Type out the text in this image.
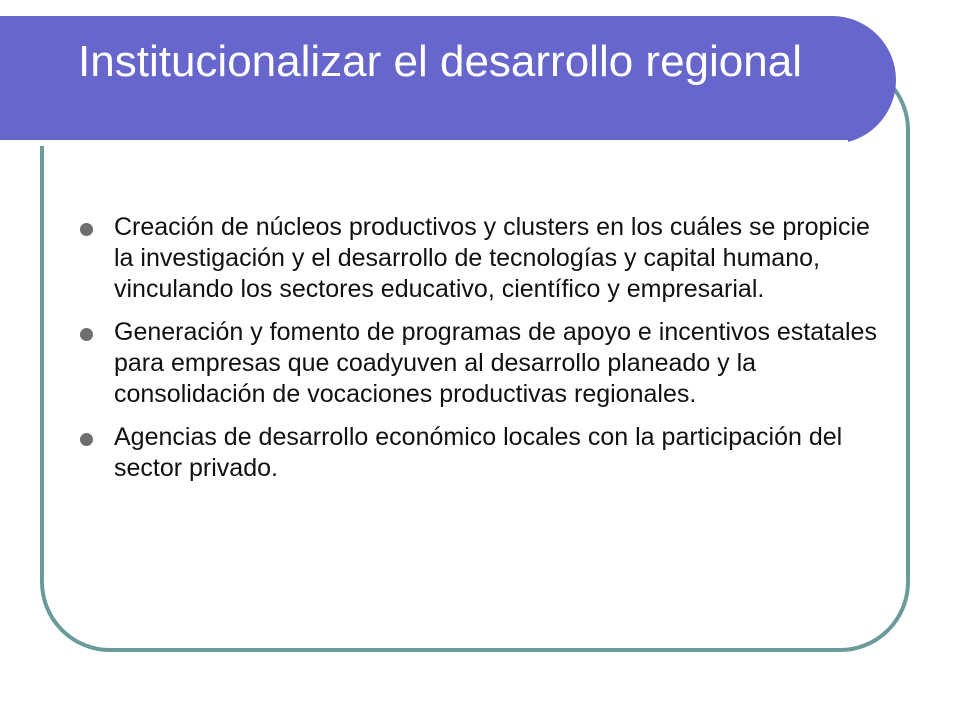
Institucionalizar el desarrollo regional
Creación de núcleos productivos y clusters en los cuáles se propicie la investigación y el desarrollo de tecnologías y capital humano, vinculando los sectores educativo, científico y empresarial.
Generación y fomento de programas de apoyo e incentivos estatales para empresas que coadyuven al desarrollo planeado y la consolidación de vocaciones productivas regionales.
Agencias de desarrollo económico locales con la participación del sector privado.
